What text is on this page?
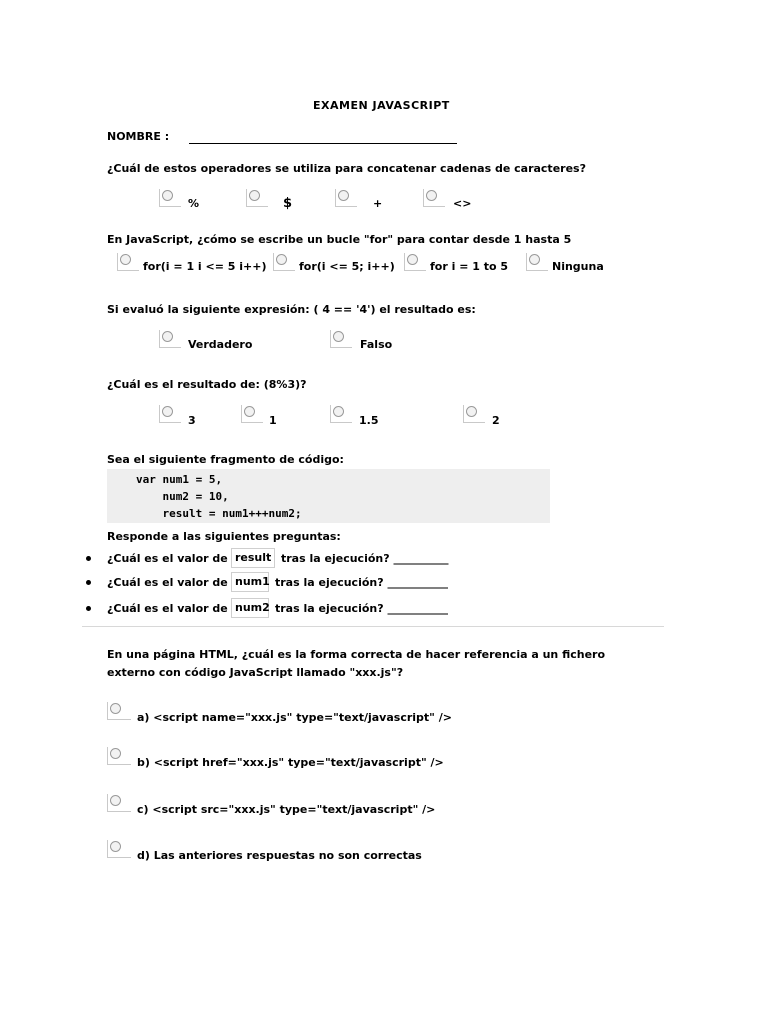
EXAMEN JAVASCRIPT
NOMBRE :
¿Cuál de estos operadores se utiliza para concatenar cadenas de caracteres?
%	$	+	<>
En JavaScript, ¿cómo se escribe un bucle "for" para contar desde 1 hasta 5
for(i = 1 i <= 5 i++)	for(i <= 5; i++)	for i = 1 to 5	Ninguna
Si evaluó la siguiente expresión: ( 4 == '4') el resultado es:
Verdadero	Falso
¿Cuál es el resultado de: (8%3)?
3	1	1.5	2
Sea el siguiente fragmento de código:
var num1 = 5,
num2 = 10,
result = num1+++num2;
Responde a las siguientes preguntas:
¿Cuál es el valor de result tras la ejecución? __________
¿Cuál es el valor de num1 tras la ejecución? ___________
¿Cuál es el valor de num2 tras la ejecución? ___________
En una página HTML, ¿cuál es la forma correcta de hacer referencia a un fichero
externo con código JavaScript llamado "xxx.js"?
a) <script name="xxx.js" type="text/javascript" />
b) <script href="xxx.js" type="text/javascript" />
c) <script src="xxx.js" type="text/javascript" />
d) Las anteriores respuestas no son correctas
